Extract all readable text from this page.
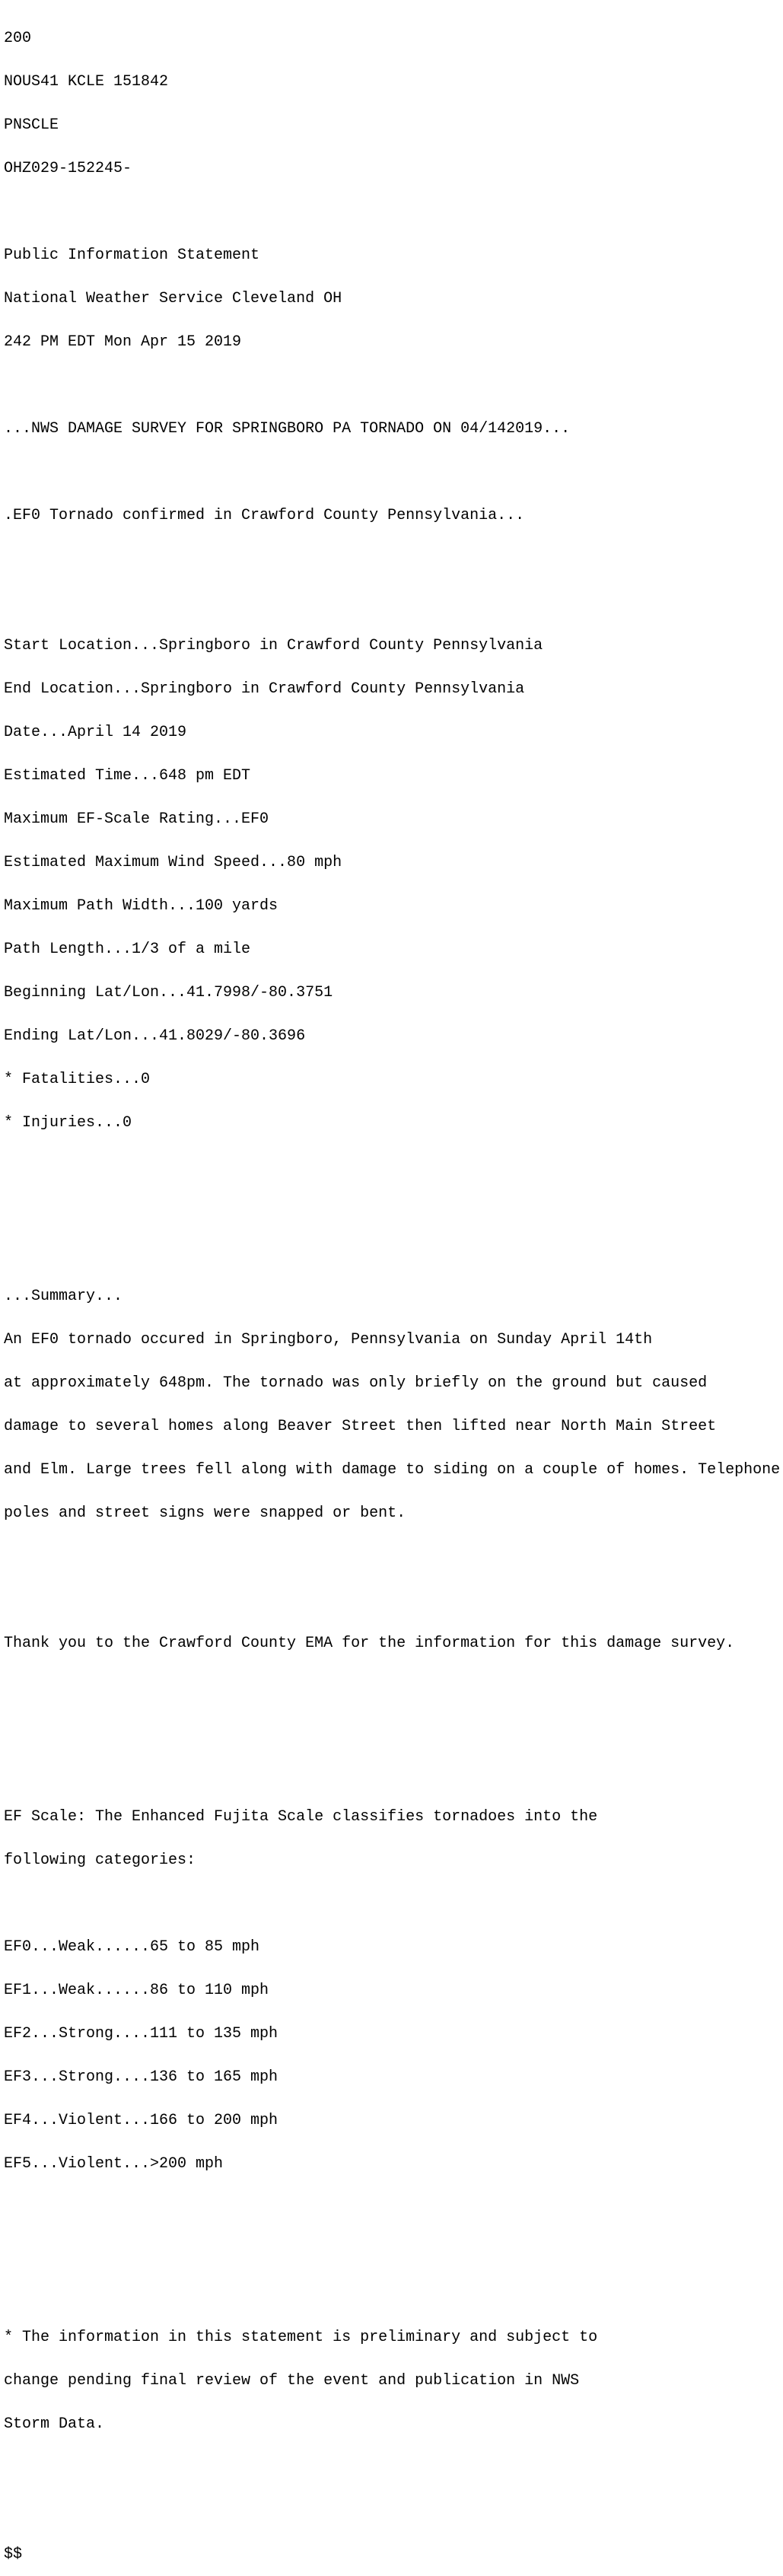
200

NOUS41 KCLE 151842

PNSCLE

OHZ029-152245-

Public Information Statement

National Weather Service Cleveland OH

242 PM EDT Mon Apr 15 2019

...NWS DAMAGE SURVEY FOR SPRINGBORO PA TORNADO ON 04/142019...

.EF0 Tornado confirmed in Crawford County Pennsylvania...

Start Location...Springboro in Crawford County Pennsylvania

End Location...Springboro in Crawford County Pennsylvania

Date...April 14 2019

Estimated Time...648 pm EDT

Maximum EF-Scale Rating...EF0

Estimated Maximum Wind Speed...80 mph

Maximum Path Width...100 yards

Path Length...1/3 of a mile

Beginning Lat/Lon...41.7998/-80.3751

Ending Lat/Lon...41.8029/-80.3696

* Fatalities...0

* Injuries...0

...Summary...

An EF0 tornado occured in Springboro, Pennsylvania on Sunday April 14th

at approximately 648pm. The tornado was only briefly on the ground but caused

damage to several homes along Beaver Street then lifted near North Main Street

and Elm. Large trees fell along with damage to siding on a couple of homes. Telephone

poles and street signs were snapped or bent.

Thank you to the Crawford County EMA for the information for this damage survey.

EF Scale: The Enhanced Fujita Scale classifies tornadoes into the

following categories:

EF0...Weak......65 to 85 mph

EF1...Weak......86 to 110 mph

EF2...Strong....111 to 135 mph

EF3...Strong....136 to 165 mph

EF4...Violent...166 to 200 mph

EF5...Violent...>200 mph

* The information in this statement is preliminary and subject to

change pending final review of the event and publication in NWS

Storm Data.

$$
